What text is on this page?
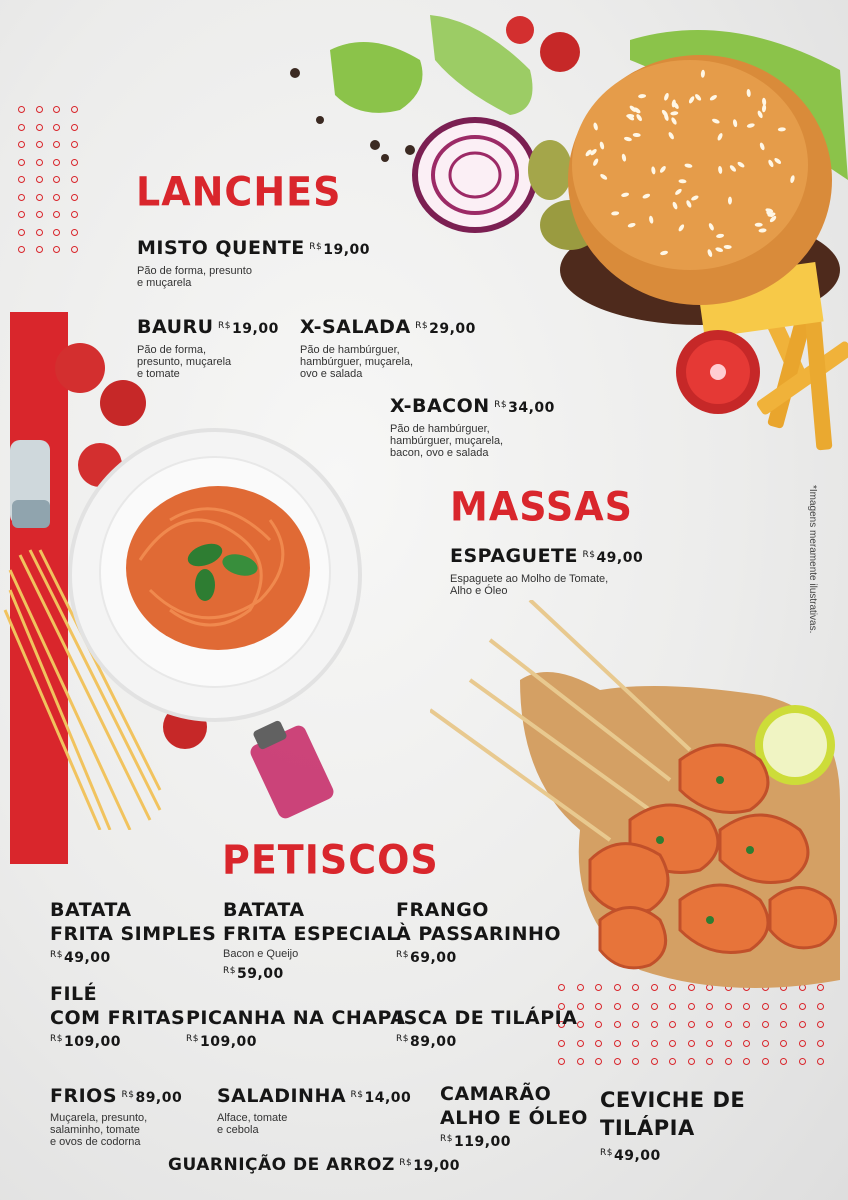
*Imagens meramente ilustrativas.
LANCHES
MISTO QUENTE $^{R\$}$19,00
Pão de forma, presunto
e muçarela
BAURU $^{R\$}$19,00
Pão de forma,
presunto, muçarela
e tomate
X-SALADA $^{R\$}$29,00
Pão de hambúrguer,
hambúrguer, muçarela,
ovo e salada
X-BACON $^{R\$}$34,00
Pão de hambúrguer,
hambúrguer, muçarela,
bacon, ovo e salada
MASSAS
ESPAGUETE $^{R\$}$49,00
Espaguete ao Molho de Tomate,
Alho e Óleo
PETISCOS
BATATA
FRITA SIMPLES
$^{R\$}$49,00
BATATA
FRITA ESPECIAL
Bacon e Queijo
$^{R\$}$59,00
FRANGO
À PASSARINHO
$^{R\$}$69,00
FILÉ
COM FRITAS
$^{R\$}$109,00
PICANHA NA CHAPA
$^{R\$}$109,00
ISCA DE TILÁPIA
$^{R\$}$89,00
FRIOS $^{R\$}$89,00
Muçarela, presunto,
salaminho, tomate
e ovos de codorna
SALADINHA $^{R\$}$14,00
Alface, tomate
e cebola
CAMARÃO
ALHO E ÓLEO
$^{R\$}$119,00
CEVICHE DE
TILÁPIA
$^{R\$}$49,00
GUARNIÇÃO DE ARROZ $^{R\$}$19,00
